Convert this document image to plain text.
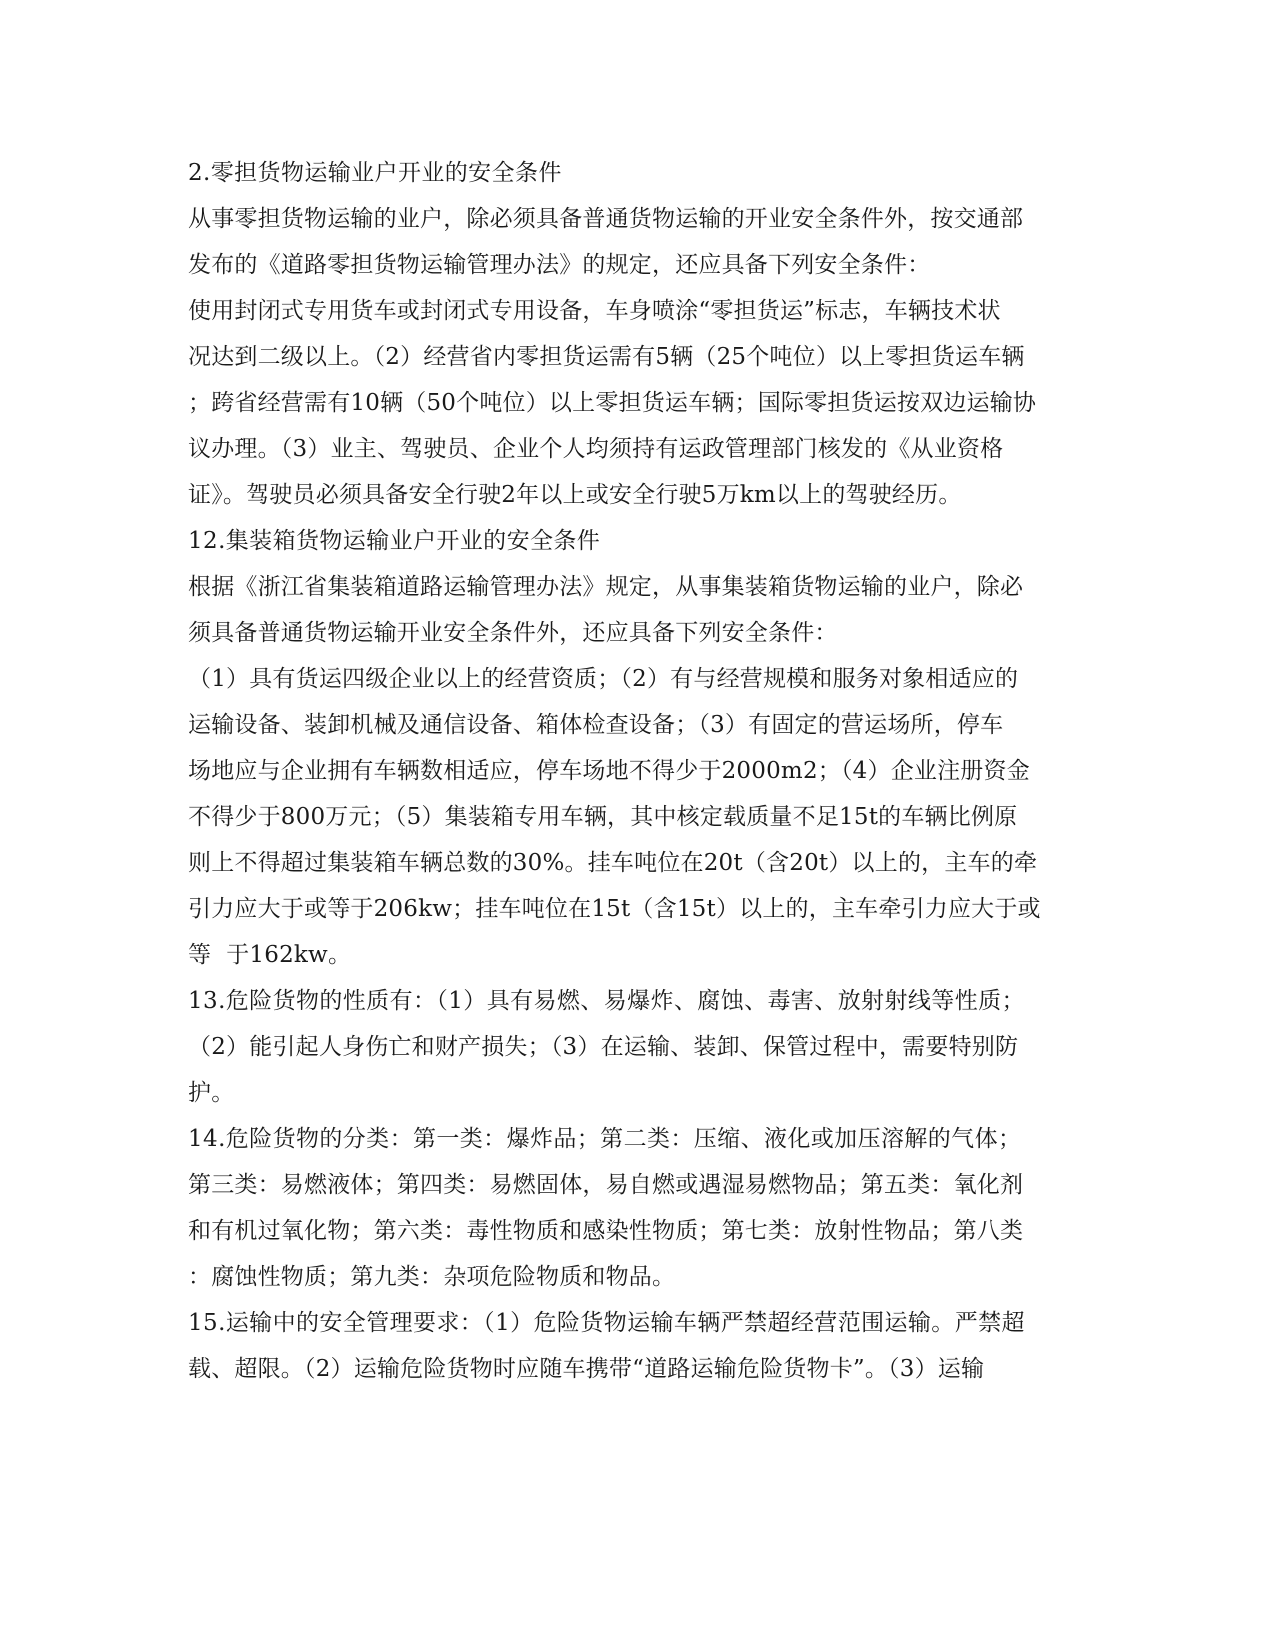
2.零担货物运输业户开业的安全条件
从事零担货物运输的业户，除必须具备普通货物运输的开业安全条件外，按交通部
发布的《道路零担货物运输管理办法》的规定，还应具备下列安全条件：
使用封闭式专用货车或封闭式专用设备，车身喷涂“零担货运”标志，车辆技术状
况达到二级以上。（2）经营省内零担货运需有5辆（25个吨位）以上零担货运车辆
；跨省经营需有10辆（50个吨位）以上零担货运车辆；国际零担货运按双边运输协
议办理。（3）业主、驾驶员、企业个人均须持有运政管理部门核发的《从业资格
证》。驾驶员必须具备安全行驶2年以上或安全行驶5万km以上的驾驶经历。
12.集装箱货物运输业户开业的安全条件
根据《浙江省集装箱道路运输管理办法》规定，从事集装箱货物运输的业户，除必
须具备普通货物运输开业安全条件外，还应具备下列安全条件：
（1）具有货运四级企业以上的经营资质；（2）有与经营规模和服务对象相适应的
运输设备、装卸机械及通信设备、箱体检查设备；（3）有固定的营运场所，停车
场地应与企业拥有车辆数相适应，停车场地不得少于2000m2；（4）企业注册资金
不得少于800万元；（5）集装箱专用车辆，其中核定载质量不足15t的车辆比例原
则上不得超过集装箱车辆总数的30%。挂车吨位在20t（含20t）以上的，主车的牵
引力应大于或等于206kw；挂车吨位在15t（含15t）以上的，主车牵引力应大于或
等  于162kw。
13.危险货物的性质有：（1）具有易燃、易爆炸、腐蚀、毒害、放射射线等性质；
（2）能引起人身伤亡和财产损失；（3）在运输、装卸、保管过程中，需要特别防
护。
14.危险货物的分类：第一类：爆炸品；第二类：压缩、液化或加压溶解的气体；
第三类：易燃液体；第四类：易燃固体，易自燃或遇湿易燃物品；第五类：氧化剂
和有机过氧化物；第六类：毒性物质和感染性物质；第七类：放射性物品；第八类
：腐蚀性物质；第九类：杂项危险物质和物品。
15.运输中的安全管理要求：（1）危险货物运输车辆严禁超经营范围运输。严禁超
载、超限。（2）运输危险货物时应随车携带“道路运输危险货物卡”。（3）运输
